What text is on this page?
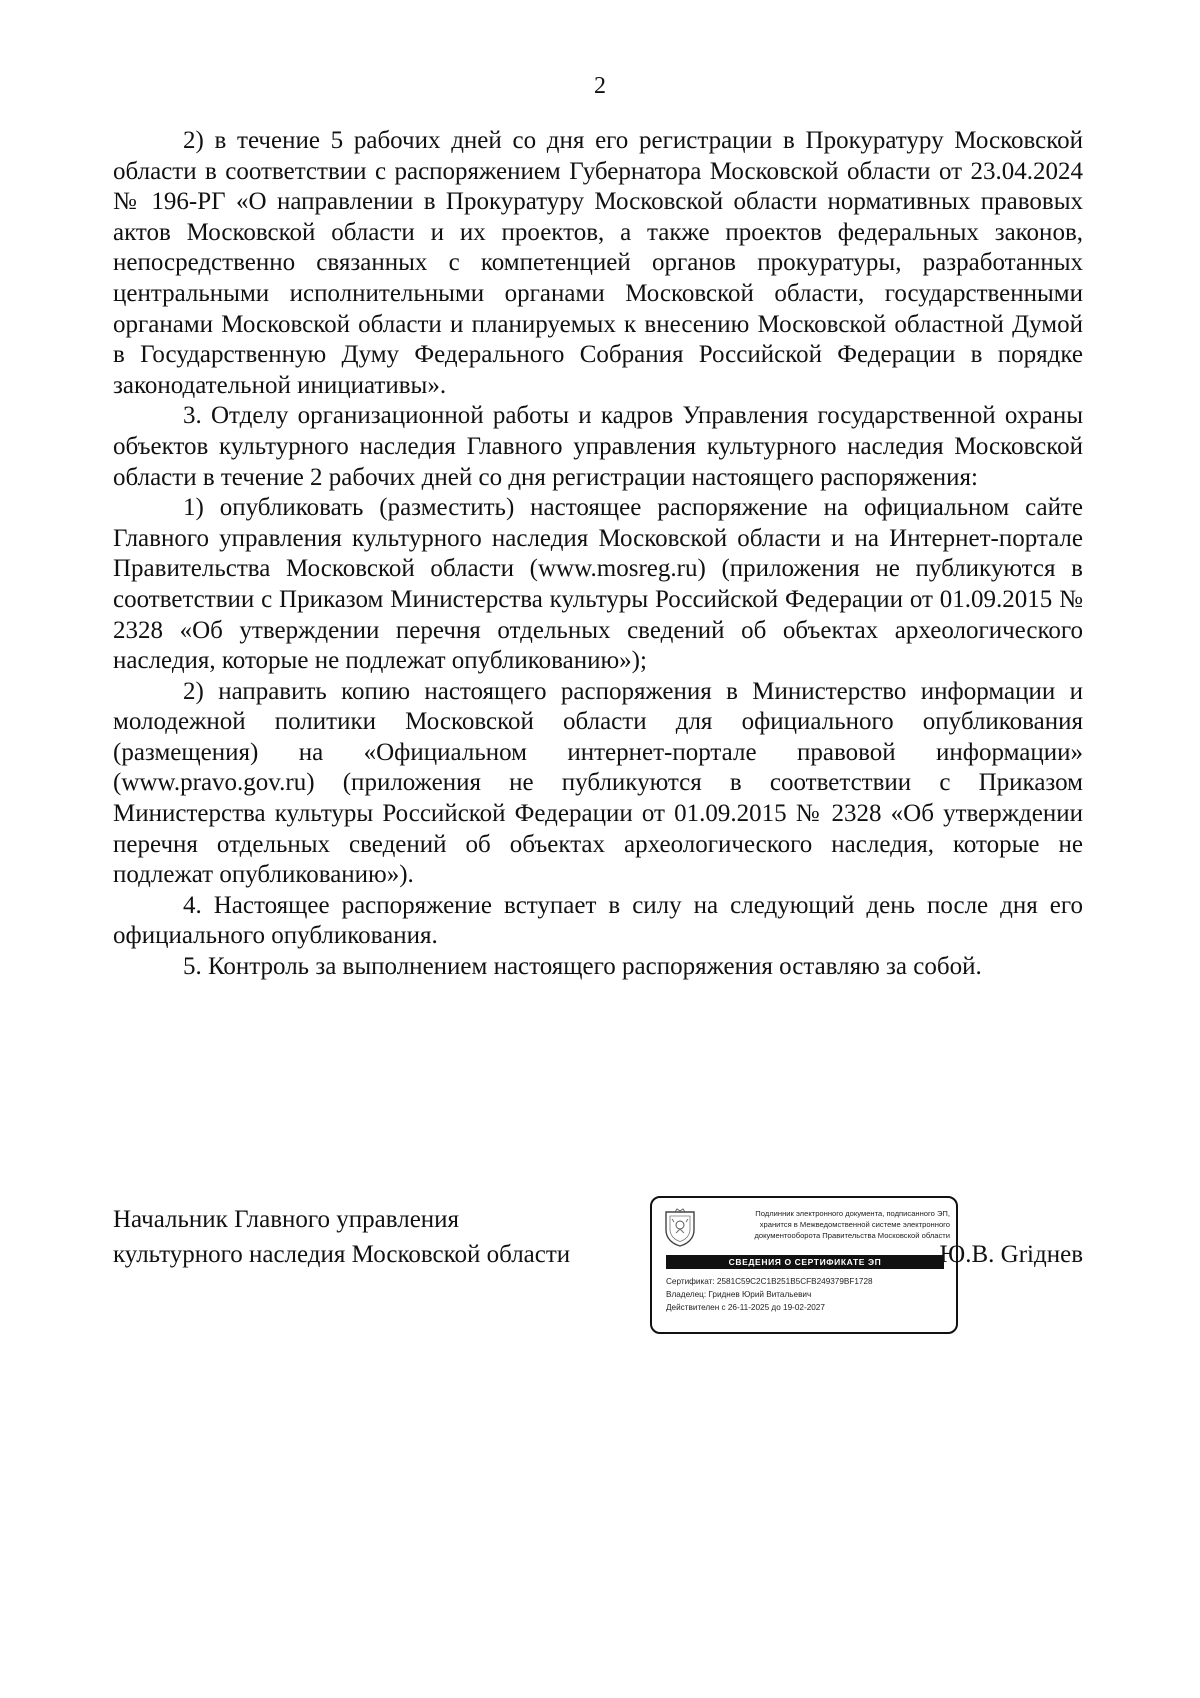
2

2) в течение 5 рабочих дней со дня его регистрации в Прокуратуру Московской области в соответствии с распоряжением Губернатора Московской области от 23.04.2024 № 196-РГ «О направлении в Прокуратуру Московской области нормативных правовых актов Московской области и их проектов, а также проектов федеральных законов, непосредственно связанных с компетенцией органов прокуратуры, разработанных центральными исполнительными органами Московской области, государственными органами Московской области и планируемых к внесению Московской областной Думой в Государственную Думу Федерального Собрания Российской Федерации в порядке законодательной инициативы».

3. Отделу организационной работы и кадров Управления государственной охраны объектов культурного наследия Главного управления культурного наследия Московской области в течение 2 рабочих дней со дня регистрации настоящего распоряжения:

1) опубликовать (разместить) настоящее распоряжение на официальном сайте Главного управления культурного наследия Московской области и на Интернет-портале Правительства Московской области (www.mosreg.ru) (приложения не публикуются в соответствии с Приказом Министерства культуры Российской Федерации от 01.09.2015 № 2328 «Об утверждении перечня отдельных сведений об объектах археологического наследия, которые не подлежат опубликованию»);

2) направить копию настоящего распоряжения в Министерство информации и молодежной политики Московской области для официального опубликования (размещения) на «Официальном интернет-портале правовой информации» (www.pravo.gov.ru) (приложения не публикуются в соответствии с Приказом Министерства культуры Российской Федерации от 01.09.2015 № 2328 «Об утверждении перечня отдельных сведений об объектах археологического наследия, которые не подлежат опубликованию»).

4. Настоящее распоряжение вступает в силу на следующий день после дня его официального опубликования.

5. Контроль за выполнением настоящего распоряжения оставляю за собой.

Начальник Главного управления
культурного наследия Московской области
Подлинник электронного документа, подписанного ЭП,
хранится в Межведомственной системе электронного
документооборота Правительства Московской области
СВЕДЕНИЯ О СЕРТИФИКАТЕ ЭП
Сертификат: 2581C59C2C1B251B5CFB249379BF1728
Владелец: Гриднев Юрий Витальевич
Действителен с 26-11-2025 до 19-02-2027
Ю.В. Griднев
